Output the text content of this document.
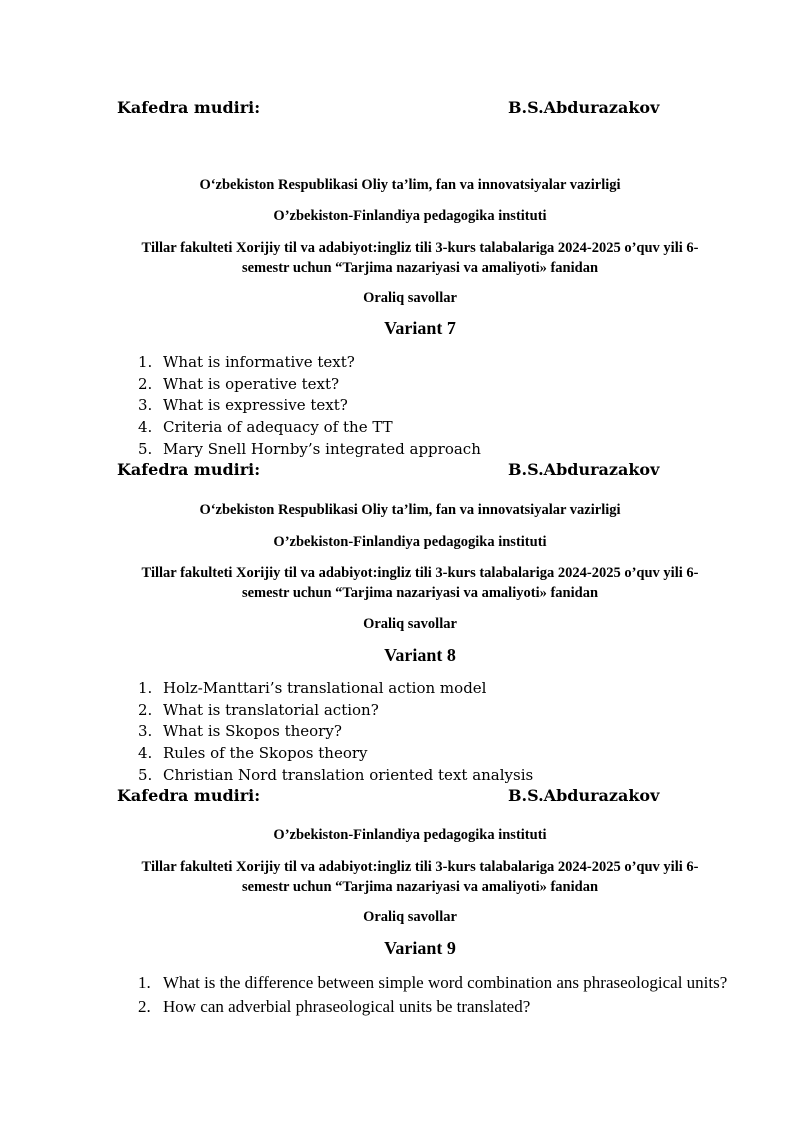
Kafedra mudiri:	B.S.Abdurazakov

O‘zbekiston Respublikasi Oliy ta’lim, fan va innovatsiyalar vazirligi

O’zbekiston-Finlandiya pedagogika instituti

Tillar fakulteti Xorijiy til va adabiyot:ingliz tili 3-kurs talabalariga 2024-2025 o’quv yili 6-

semestr uchun “Tarjima nazariyasi va amaliyoti» fanidan

Oraliq savollar

Variant 7

1. What is informative text?
2. What is operative text?
3. What is expressive text?
4. Criteria of adequacy of the TT
5. Mary Snell Hornby’s integrated approach
Kafedra mudiri:	B.S.Abdurazakov

O‘zbekiston Respublikasi Oliy ta’lim, fan va innovatsiyalar vazirligi

O’zbekiston-Finlandiya pedagogika instituti

Tillar fakulteti Xorijiy til va adabiyot:ingliz tili 3-kurs talabalariga 2024-2025 o’quv yili 6-

semestr uchun “Tarjima nazariyasi va amaliyoti» fanidan

Oraliq savollar

Variant 8

1. Holz-Manttari’s translational action model
2. What is translatorial action?
3. What is Skopos theory?
4. Rules of the Skopos theory
5. Christian Nord translation oriented text analysis
Kafedra mudiri:	B.S.Abdurazakov

O’zbekiston-Finlandiya pedagogika instituti

Tillar fakulteti Xorijiy til va adabiyot:ingliz tili 3-kurs talabalariga 2024-2025 o’quv yili 6-

semestr uchun “Tarjima nazariyasi va amaliyoti» fanidan

Oraliq savollar

Variant 9

1. What is the difference between simple word combination ans phraseological units?
2. How can adverbial phraseological units be translated?
